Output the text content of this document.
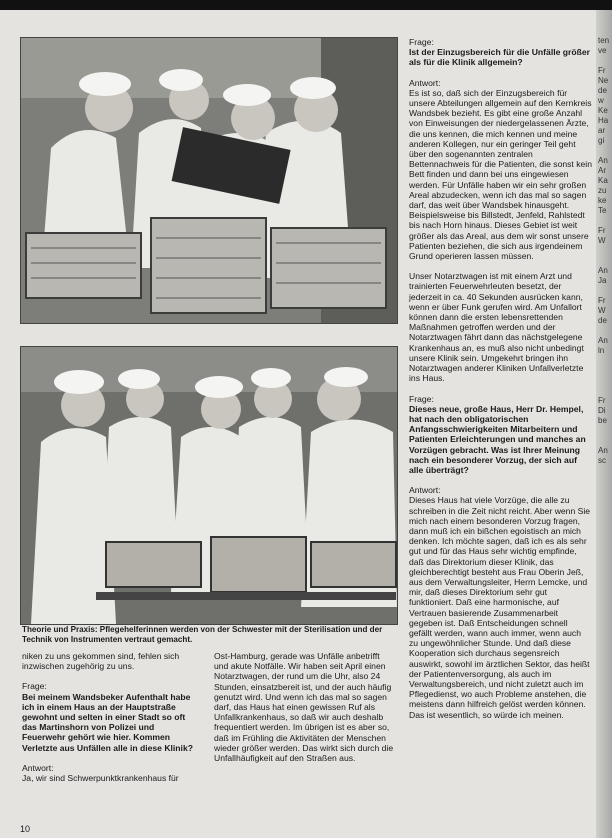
Theorie und Praxis: Pflegehelferinnen werden von der Schwester mit der Sterilisation und der Technik von Instrumenten vertraut gemacht.

niken zu uns gekommen sind, fehlen sich inzwischen zugehörig zu uns.

Frage:

Bei meinem Wandsbeker Aufenthalt habe ich in einem Haus an der Hauptstraße gewohnt und selten in einer Stadt so oft das Martinshorn von Polizei und Feuerwehr gehört wie hier. Kommen Verletzte aus Unfällen alle in diese Klinik?

Antwort:

Ja, wir sind Schwerpunktkrankenhaus für

Ost-Hamburg, gerade was Unfälle anbetrifft und akute Notfälle. Wir haben seit April einen Notarztwagen, der rund um die Uhr, also 24 Stunden, einsatzbereit ist, und der auch häufig genutzt wird. Und wenn ich das mal so sagen darf, das Haus hat einen gewissen Ruf als Unfallkrankenhaus, so daß wir auch deshalb frequentiert werden. Im übrigen ist es aber so, daß im Frühling die Aktivitäten der Menschen wieder größer werden. Das wirkt sich durch die Unfallhäufigkeit auf den Straßen aus.

Frage:

Ist der Einzugsbereich für die Unfälle größer als für die Klinik allgemein?

Antwort:

Es ist so, daß sich der Einzugsbereich für unsere Abteilungen allgemein auf den Kernkreis Wandsbek bezieht. Es gibt eine große Anzahl von Einweisungen der niedergelassenen Ärzte, die uns kennen, die mich kennen und meine anderen Kollegen, nur ein geringer Teil geht über den sogenannten zentralen Bettennachweis für die Patienten, die sonst kein Bett finden und dann bei uns eingewiesen werden. Für Unfälle haben wir ein sehr großen Areal abzudecken, wenn ich das mal so sagen darf, das weit über Wandsbek hinausgeht. Beispielsweise bis Billstedt, Jenfeld, Rahlstedt bis nach Horn hinaus. Dieses Gebiet ist weit größer als das Areal, aus dem wir sonst unsere Patienten beziehen, die sich aus irgendeinem Grund operieren lassen müssen.

Unser Notarztwagen ist mit einem Arzt und trainierten Feuerwehrleuten besetzt, der jederzeit in ca. 40 Sekunden ausrücken kann, wenn er über Funk gerufen wird. Am Unfallort können dann die ersten lebensrettenden Maßnahmen getroffen werden und der Notarztwagen fährt dann das nächstgelegene Krankenhaus an, es muß also nicht unbedingt unsere Klinik sein. Umgekehrt bringen ihn Notarztwagen anderer Kliniken Unfallverletzte ins Haus.

Frage:

Dieses neue, große Haus, Herr Dr. Hempel, hat nach den obligatorischen Anfangsschwierigkeiten Mitarbeitern und Patienten Erleichterungen und manches an Vorzügen gebracht. Was ist Ihrer Meinung nach ein besonderer Vorzug, der sich auf alle überträgt?

Antwort:

Dieses Haus hat viele Vorzüge, die alle zu schreiben in die Zeit nicht reicht. Aber wenn Sie mich nach einem besonderen Vorzug fragen, dann muß ich ein bißchen egoistisch an mich denken. Ich möchte sagen, daß ich es als sehr gut und für das Haus sehr wichtig empfinde, daß das Direktorium dieser Klinik, das gleichberechtigt besteht aus Frau Oberin Jeß, aus dem Verwaltungsleiter, Herrn Lemcke, und mir, daß dieses Direktorium sehr gut funktioniert. Daß eine harmonische, auf Vertrauen basierende Zusammenarbeit gegeben ist. Daß Entscheidungen schnell gefällt werden, wann auch immer, wenn auch zu ungewöhnlicher Stunde. Und daß diese Kooperation sich durchaus segensreich auswirkt, sowohl im ärztlichen Sektor, das heißt der Patientenversorgung, als auch im Verwaltungsbereich, und nicht zuletzt auch im Pflegedienst, wo auch Probleme anstehen, die meistens dann hilfreich gelöst werden können. Das ist wesentlich, so würde ich meinen.

10
ten
ve

Fr
Ne
de
w
Ke
Ha
ar
gi

An
Ar
Ka
zu
ke
Te

Fr
W

An
Ja

Fr
W
de

An
ln

Fr
Di
be

An
sc
